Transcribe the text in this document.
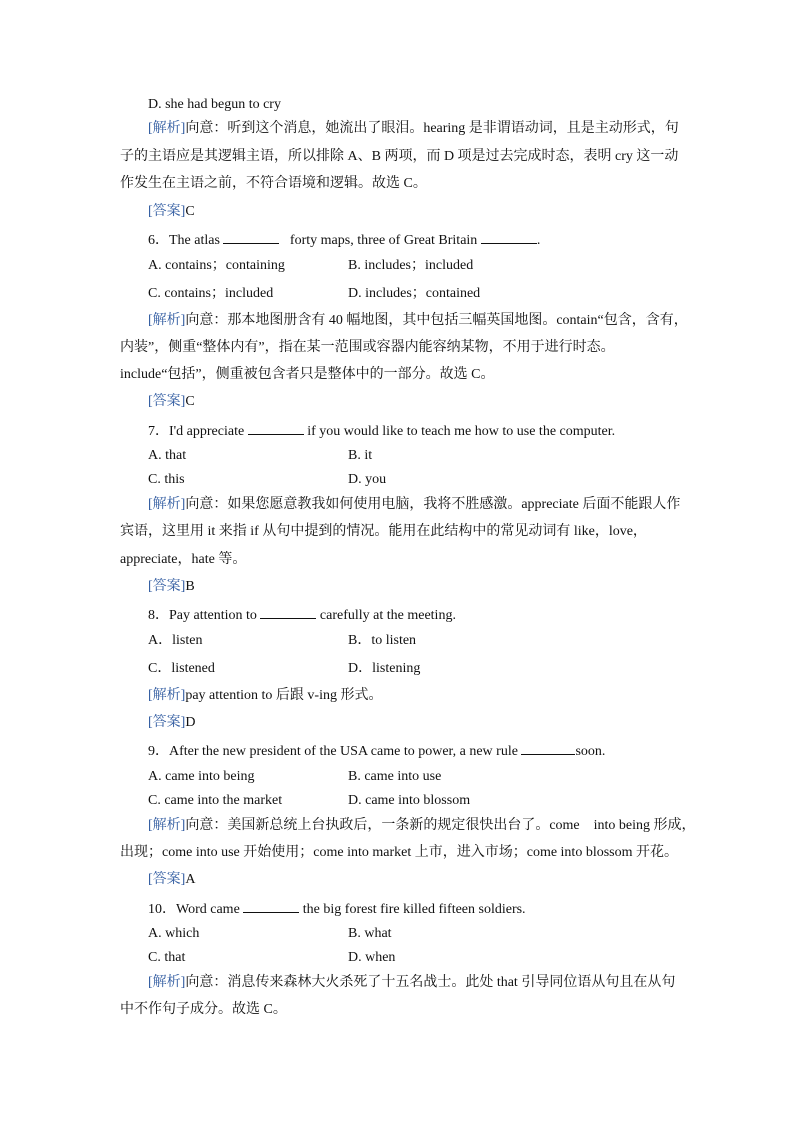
D. she had begun to cry
[解析]向意：听到这个消息，她流出了眼泪。hearing 是非谓语动词，且是主动形式，句
子的主语应是其逻辑主语，所以排除 A、B 两项，而 D 项是过去完成时态，表明 cry 这一动
作发生在主语之前，不符合语境和逻辑。故选 C。
[答案]C
6．The atlas	forty maps, three of Great Britain	.
A. contains；containing	B. includes；included
C. contains；included	D. includes；contained
[解析]向意：那本地图册含有 40 幅地图，其中包括三幅英国地图。contain“包含，含有，
内装”，侧重“整体内有”，指在某一范围或容器内能容纳某物，不用于进行时态。
include“包括”，侧重被包含者只是整体中的一部分。故选 C。
[答案]C
7．I'd appreciate	if you would like to teach me how to use the computer.
A. that	B. it
C. this	D. you
[解析]向意：如果您愿意教我如何使用电脑，我将不胜感激。appreciate 后面不能跟人作
宾语，这里用 it 来指 if 从句中提到的情况。能用在此结构中的常见动词有 like，love，
appreciate，hate 等。
[答案]B
8．Pay attention to	carefully at the meeting.
A．listen	B．to listen
C．listened	D．listening
[解析]pay attention to 后跟 v-ing 形式。
[答案]D
9．After the new president of the USA came to power, a new rule	soon.
A. came into being	B. came into use
C. came into the market	D. came into blossom
[解析]向意：美国新总统上台执政后，一条新的规定很快出台了。come　into being 形成，
出现；come into use 开始使用；come into market 上市，进入市场；come into blossom 开花。
[答案]A
10．Word came	the big forest fire killed fifteen soldiers.
A. which	B. what
C. that	D. when
[解析]向意：消息传来森林大火杀死了十五名战士。此处 that 引导同位语从句且在从句
中不作句子成分。故选 C。
